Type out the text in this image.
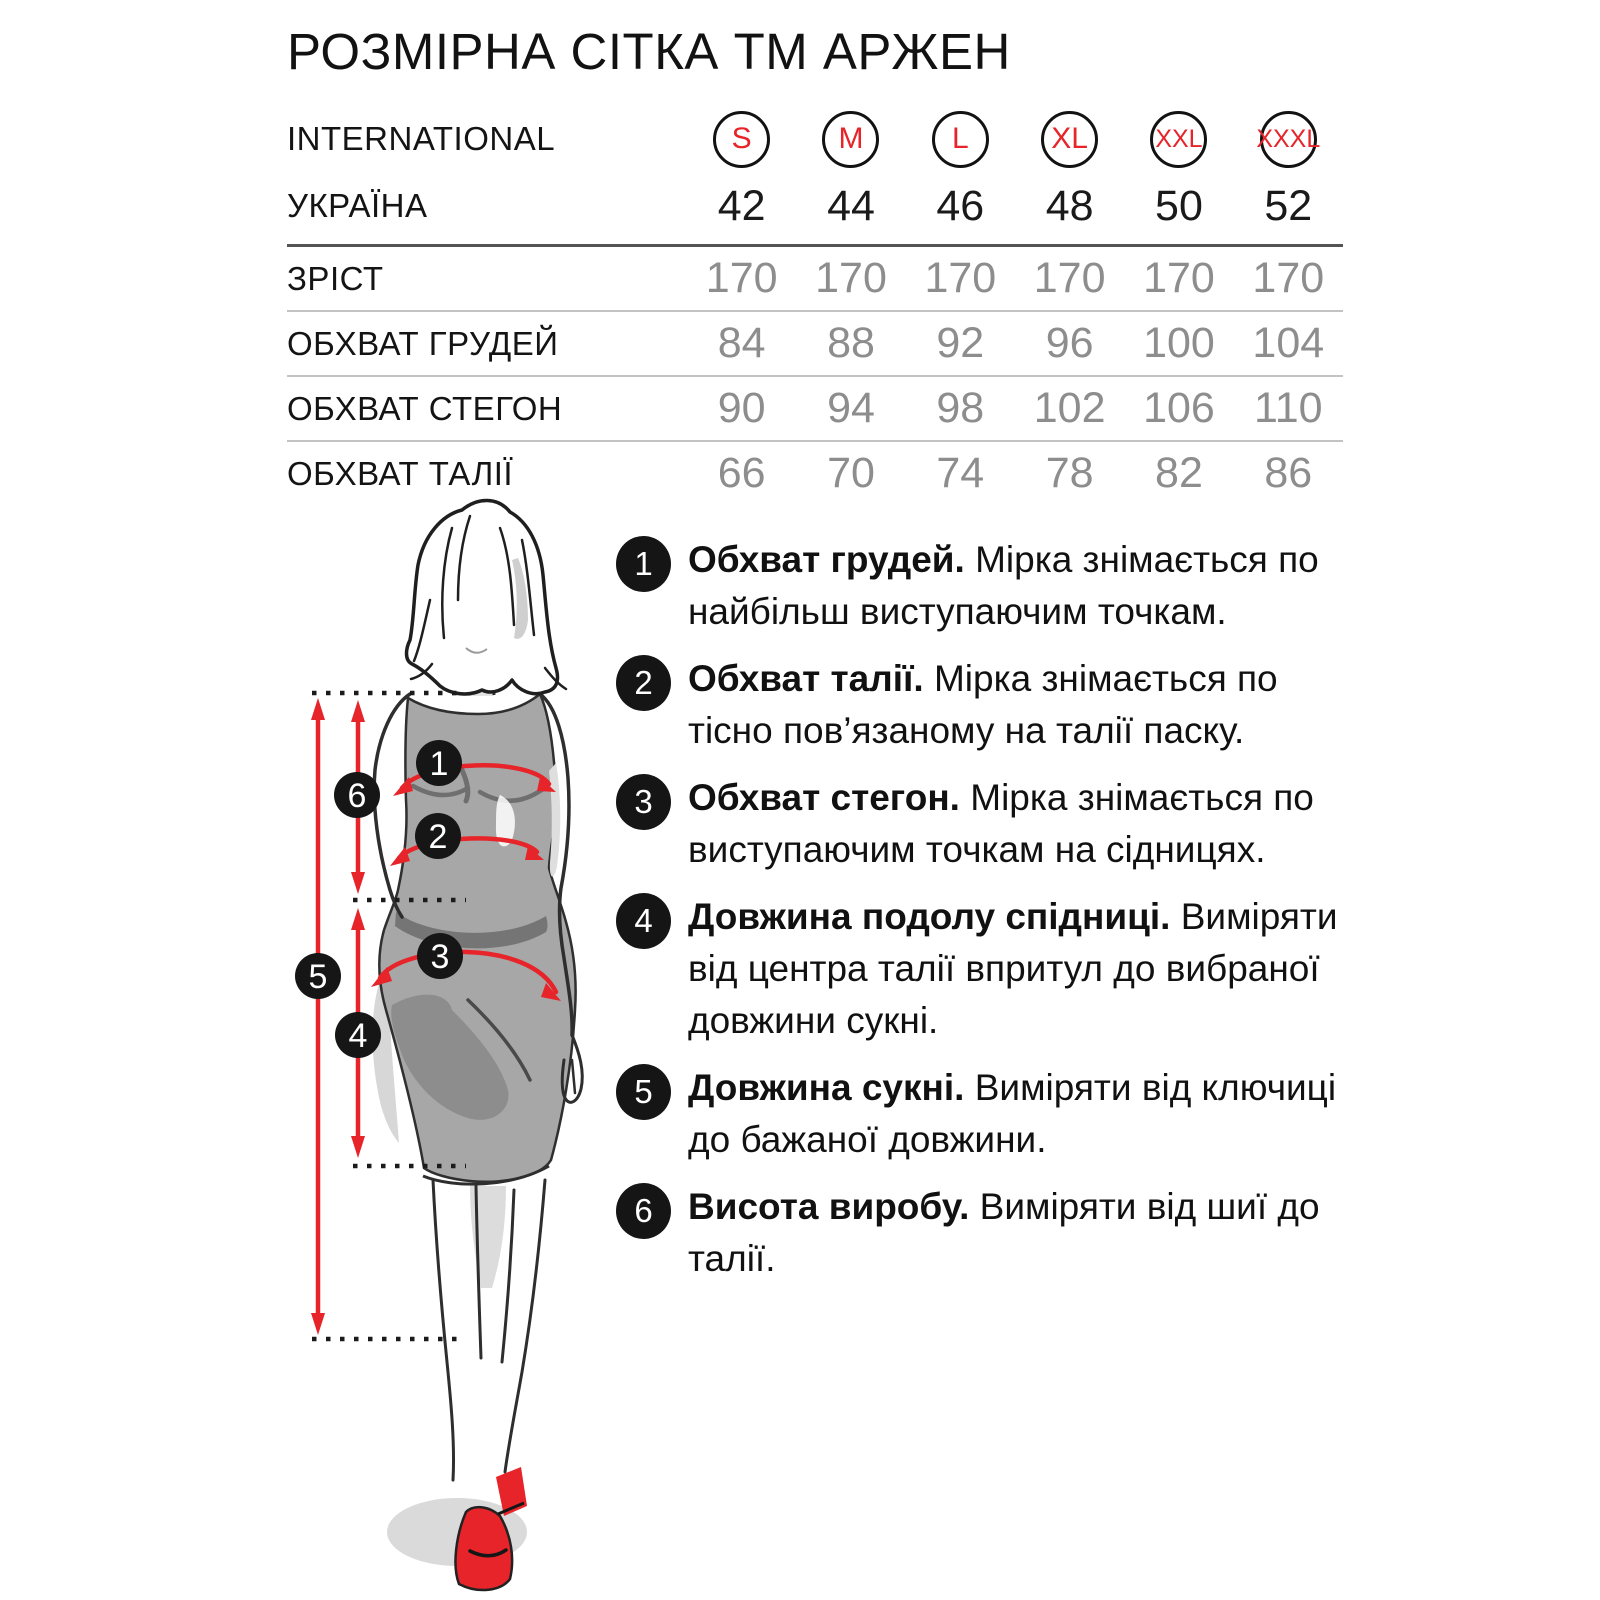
РОЗМІРНА СІТКА ТМ АРЖЕН
INTERNATIONAL	S	M	L	XL	XXL XXXL
УКРАЇНА	42	44	46	48	50	52
ЗРІСТ	170 170 170 170 170 170
ОБХВАТ ГРУДЕЙ	84	88	92	96	100 104
ОБХВАТ СТЕГОН	90	94	98	102 106 110
ОБХВАТ ТАЛІЇ	66	70	74	78	82	86
1
2
3
4
5
6
1 Обхват грудей. Мірка знімається по найбільш виступаючим точкам.
2 Обхват талії. Мірка знімається по тісно пов’язаному на талії паску.
3 Обхват стегон. Мірка знімається по виступаючим точкам на сідницях.
4 Довжина подолу спідниці. Виміряти від центра талії впритул до вибраної довжини сукні.
5 Довжина сукні. Виміряти від ключиці до бажаної довжини.
6 Висота виробу. Виміряти від шиї до талії.
